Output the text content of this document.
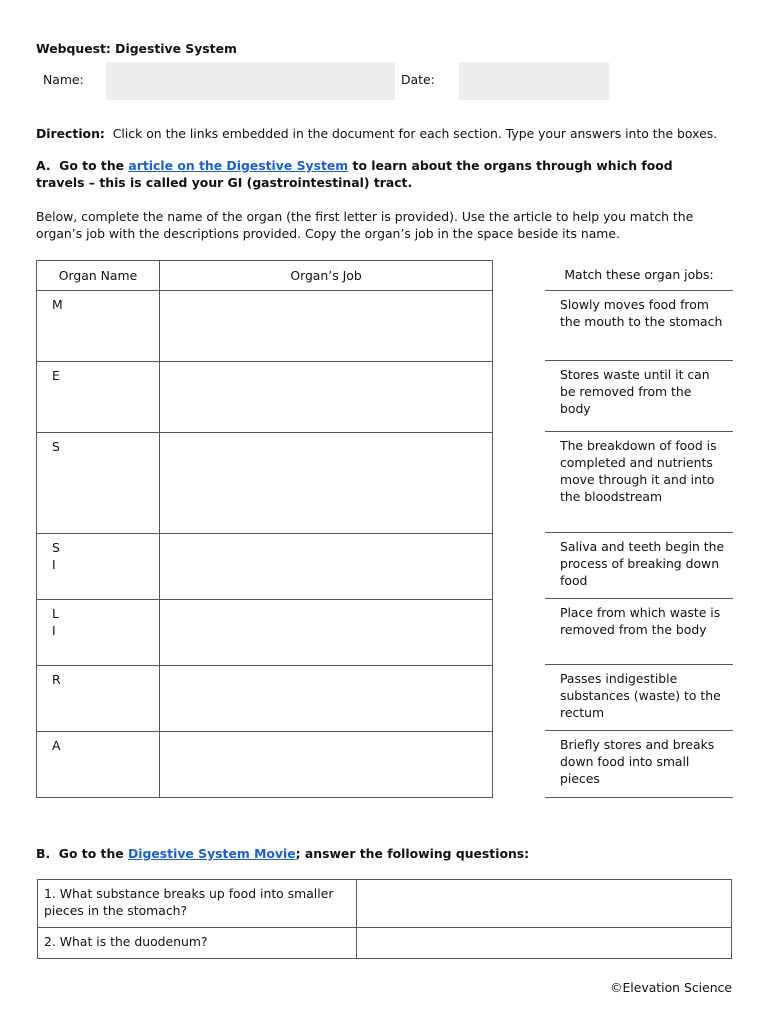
Webquest: Digestive System
Name:	Date:
Direction: Click on the links embedded in the document for each section. Type your answers into the boxes.
A.  Go to the article on the Digestive System to learn about the organs through which food
travels – this is called your GI (gastrointestinal) tract.
Below, complete the name of the organ (the first letter is provided). Use the article to help you match the
organ’s job with the descriptions provided. Copy the organ’s job in the space beside its name.
Organ Name	Organ’s Job

M	

E	

S	

S
I	

L
I	

R	

A	

Match these organ jobs:
Slowly moves food from the mouth to the stomach
Stores waste until it can be removed from the body
The breakdown of food is completed and nutrients move through it and into the bloodstream
Saliva and teeth begin the process of breaking down food
Place from which waste is removed from the body
Passes indigestible substances (waste) to the rectum
Briefly stores and breaks down food into small pieces
B.  Go to the Digestive System Movie; answer the following questions:
1. What substance breaks up food into smaller pieces in the stomach?	
2. What is the duodenum?	
©Elevation Science
